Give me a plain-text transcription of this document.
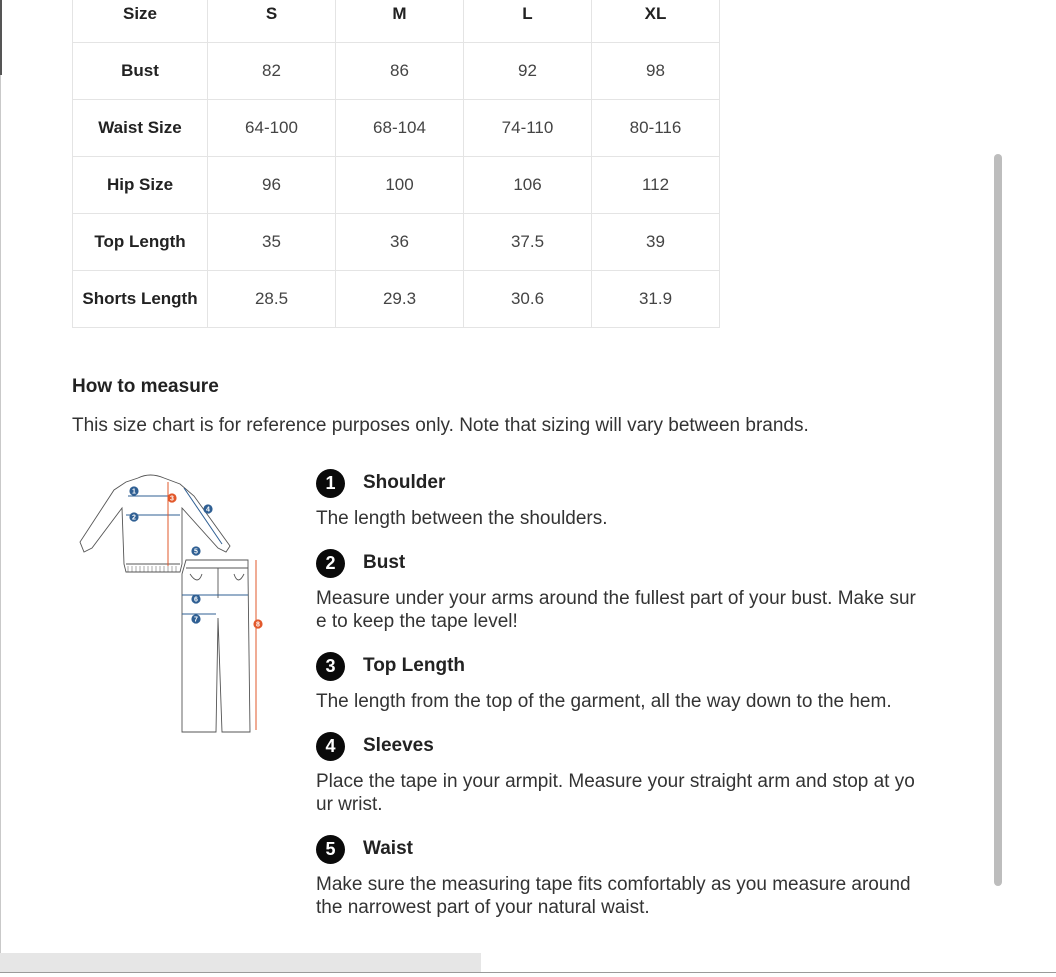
Size	S	M	L	XL
Bust	82	86	92	98
Waist Size	64-100	68-104	74-110	80-116
Hip Size	96	100	106	112
Top Length	35	36	37.5	39
Shorts Length	28.5	29.3	30.6	31.9
How to measure

This size chart is for reference purposes only. Note that sizing will vary between brands.

1
2
3
4
5
6
7
8
1	Shoulder
The length between the shoulders.
2	Bust
Measure under your arms around the fullest part of your bust. Make sure to keep the tape level!
3	Top Length
The length from the top of the garment, all the way down to the hem.
4	Sleeves
Place the tape in your armpit. Measure your straight arm and stop at your wrist.
5	Waist
Make sure the measuring tape fits comfortably as you measure around the narrowest part of your natural waist.
